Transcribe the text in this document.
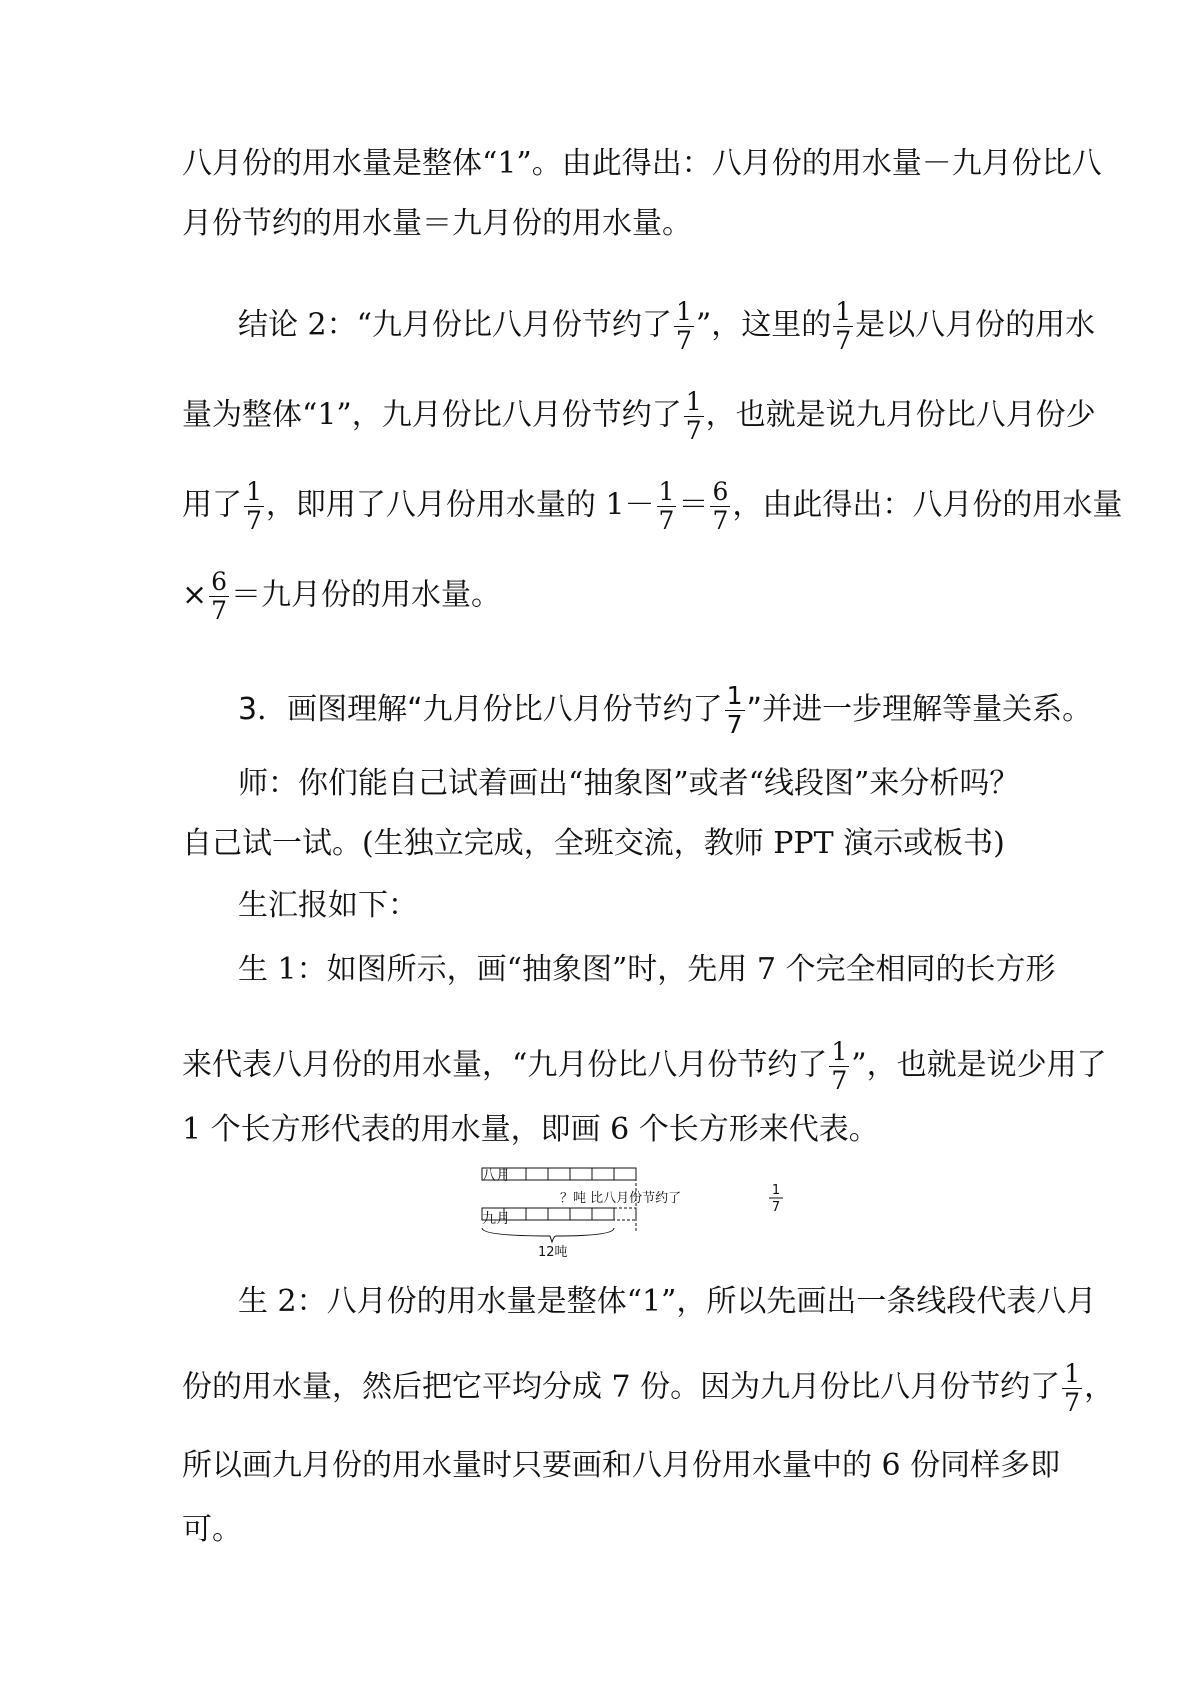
八月份的用水量是整体“1”。由此得出：八月份的用水量－九月份比八
月份节约的用水量＝九月份的用水量。
结论 2：“九月份比八月份节约了 $\frac{1}{7}$ ”，这里的 $\frac{1}{7}$ 是以八月份的用水
量为整体“1”，九月份比八月份节约了 $\frac{1}{7}$ ，也就是说九月份比八月份少
用了 $\frac{1}{7}$ ，即用了八月份用水量的 $1- \frac{1}{7} = \frac{6}{7}$ ，由此得出：八月份的用水量
× $\frac{6}{7}$ ＝九月份的用水量。
3．画图理解“九月份比八月份节约了 $\frac{1}{7}$ ”并进一步理解等量关系。
师：你们能自己试着画出“抽象图”或者“线段图”来分析吗？
自己试一试。(生独立完成，全班交流，教师 PPT 演示或板书)
生汇报如下：
生 1：如图所示，画“抽象图”时，先用 7 个完全相同的长方形
来代表八月份的用水量，“九月份比八月份节约了 $\frac{1}{7}$ ”，也就是说少用了
1 个长方形代表的用水量，即画 6 个长方形来代表。
八月
九月
？吨 比八月份节约了
1
7
12吨
生 2：八月份的用水量是整体“1”，所以先画出一条线段代表八月
份的用水量，然后把它平均分成 7 份。因为九月份比八月份节约了 $\frac{1}{7}$ ，
所以画九月份的用水量时只要画和八月份用水量中的 6 份同样多即
可。
